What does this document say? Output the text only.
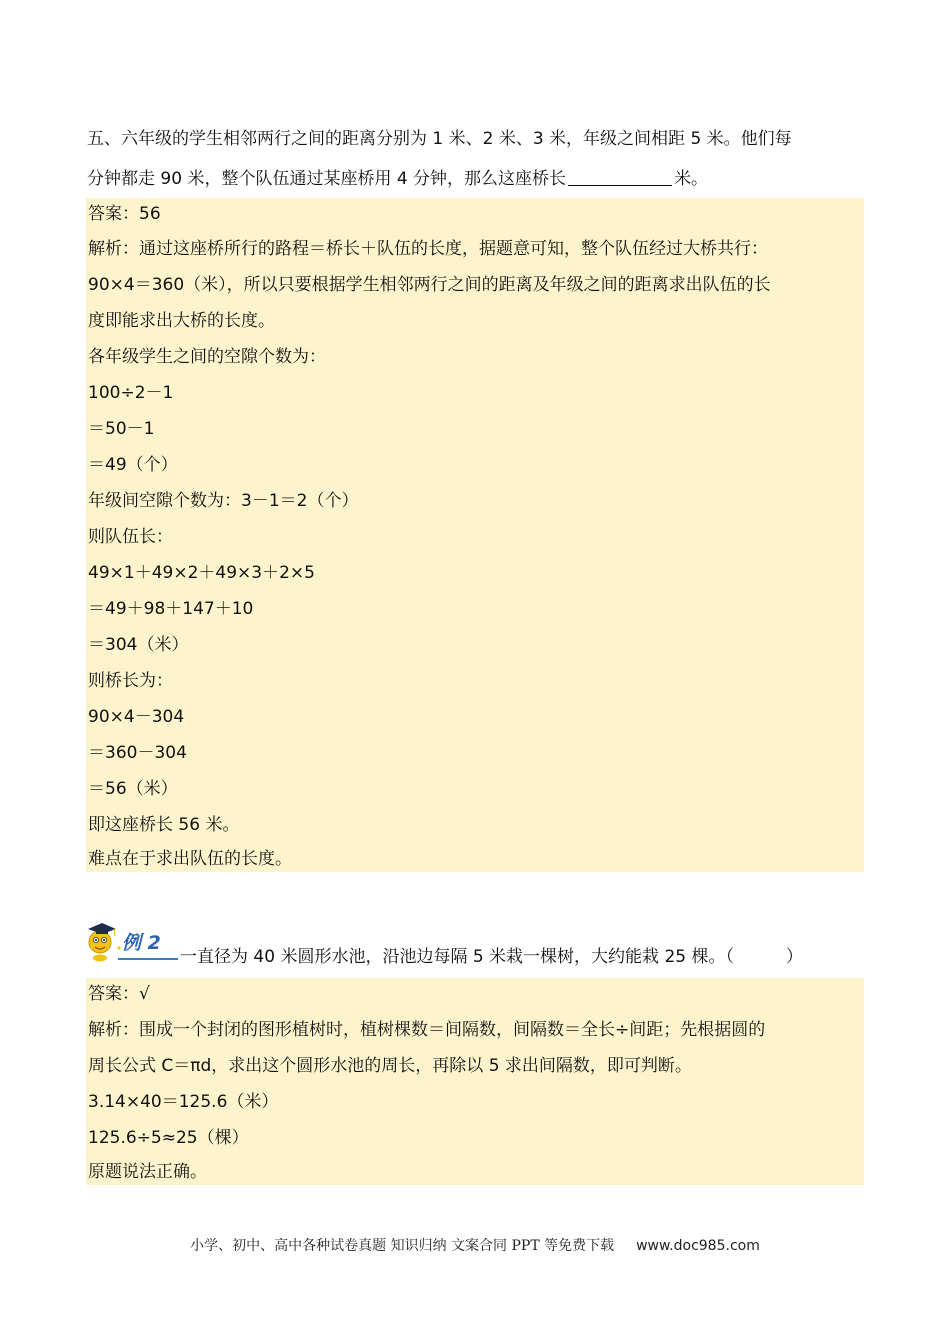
五、六年级的学生相邻两行之间的距离分别为 1 米、2 米、3 米，年级之间相距 5 米。他们每
分钟都走 90 米，整个队伍通过某座桥用 4 分钟，那么这座桥长	米。
答案：56
解析：通过这座桥所行的路程＝桥长＋队伍的长度，据题意可知，整个队伍经过大桥共行：
90×4＝360（米），所以只要根据学生相邻两行之间的距离及年级之间的距离求出队伍的长
度即能求出大桥的长度。
各年级学生之间的空隙个数为：
100÷2－1
＝50－1
＝49（个）
年级间空隙个数为：3－1＝2（个）
则队伍长：
49×1＋49×2＋49×3＋2×5
＝49＋98＋147＋10
＝304（米）
则桥长为：
90×4－304
＝360－304
＝56（米）
即这座桥长 56 米。
难点在于求出队伍的长度。
例 2
一直径为 40 米圆形水池，沿池边每隔 5 米栽一棵树，大约能栽 25 棵。（	）
答案：√
解析：围成一个封闭的图形植树时，植树棵数＝间隔数，间隔数＝全长÷间距；先根据圆的
周长公式 C＝πd，求出这个圆形水池的周长，再除以 5 求出间隔数，即可判断。
3.14×40＝125.6（米）
125.6÷5≈25（棵）
原题说法正确。
小学、初中、高中各种试卷真题 知识归纳 文案合同 PPT 等免费下载 www.doc985.com
